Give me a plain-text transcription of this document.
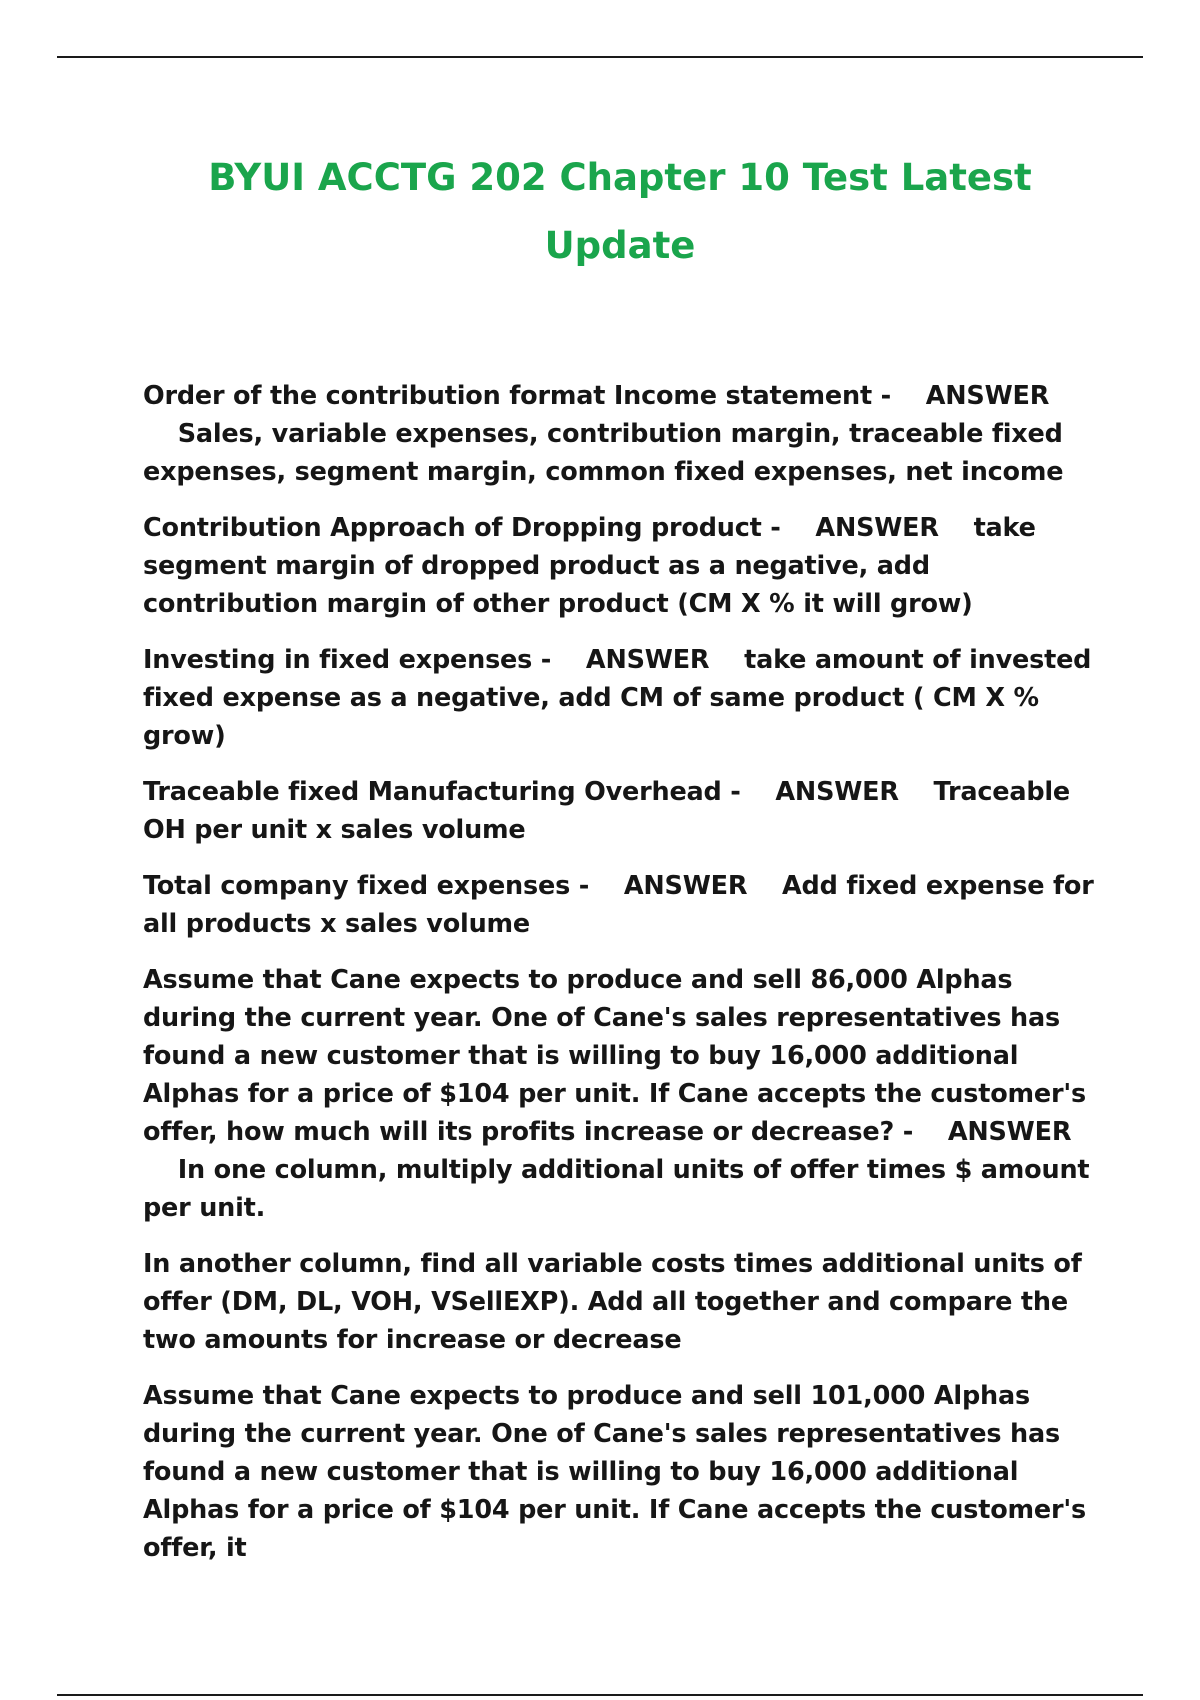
BYUI ACCTG 202 Chapter 10 Test Latest Update

Order of the contribution format Income statement - ANSWER    Sales, variable expenses, contribution margin, traceable fixed expenses, segment margin, common fixed expenses, net income

Contribution Approach of Dropping product - ANSWER take segment margin of dropped product as a negative, add contribution margin of other product (CM X % it will grow)

Investing in fixed expenses - ANSWER take amount of invested fixed expense as a negative, add CM of same product ( CM X % grow)

Traceable fixed Manufacturing Overhead - ANSWER Traceable OH per unit x sales volume

Total company fixed expenses - ANSWER Add fixed expense for all products x sales volume

Assume that Cane expects to produce and sell 86,000 Alphas during the current year. One of Cane's sales representatives has found a new customer that is willing to buy 16,000 additional Alphas for a price of $104 per unit. If Cane accepts the customer's offer, how much will its profits increase or decrease? - ANSWER    In one column, multiply additional units of offer times $ amount per unit.

In another column, find all variable costs times additional units of offer (DM, DL, VOH, VSellEXP). Add all together and compare the two amounts for increase or decrease

Assume that Cane expects to produce and sell 101,000 Alphas during the current year. One of Cane's sales representatives has found a new customer that is willing to buy 16,000 additional Alphas for a price of $104 per unit. If Cane accepts the customer's offer, it
